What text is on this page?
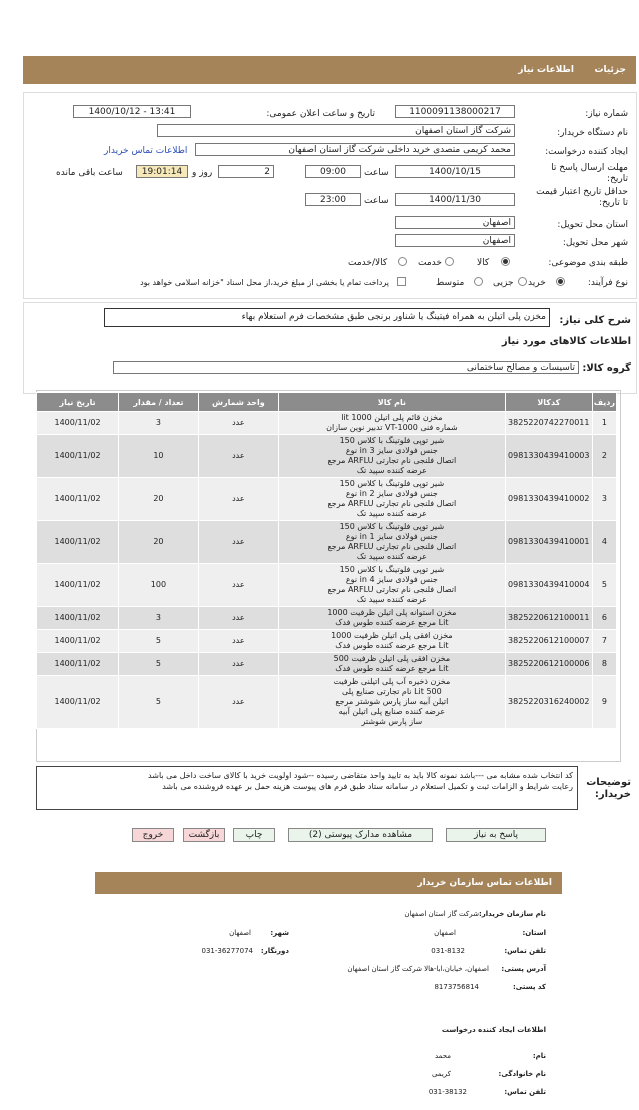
جزئیات
اطلاعات نیاز
شماره نیاز:
1100091138000217
تاریخ و ساعت اعلان عمومی:
1400/10/12 - 13:41
نام دستگاه خریدار:
شرکت گاز استان اصفهان
ایجاد کننده درخواست:
محمد کریمی متصدی خرید داخلی شرکت گاز استان اصفهان
اطلاعات تماس خریدار
مهلت ارسال پاسخ تا تاریخ:
1400/10/15
ساعت
09:00
2
روز و
19:01:14
ساعت باقی مانده
حداقل تاریخ اعتبار قیمت تا تاریخ:
1400/11/30
ساعت
23:00
استان محل تحویل:
اصفهان
شهر محل تحویل:
اصفهان
طبقه بندی موضوعی:
کالا
خدمت
کالا/خدمت
نوع فرآیند:
خرید
جزیی
متوسط
پرداخت تمام یا بخشی از مبلغ خرید،از محل اسناد "خزانه اسلامی خواهد بود
شرح کلی نیاز:
مخزن پلی اتیلن به همراه فیتینگ یا شناور برنجی طبق مشخصات فرم استعلام بهاء
اطلاعات کالاهای مورد نیاز
گروه کالا:
تاسیسات و مصالح ساختمانی
ردیف	کدکالا	نام کالا	واحد شمارش	تعداد / مقدار	تاریخ نیاز
1	3825220742270011	مخزن قائم پلی اتیلن 1000 lit
شماره فنی VT-1000 تدبیر نوین سازان	عدد	3	1400/11/02
2	0981330439410003	شیر توپی فلوتینگ با کلاس 150
جنس فولادی سایز 3 in نوع
اتصال فلنجی نام تجارتی ARFLU مرجع
عرضه کننده سپید تک	عدد	10	1400/11/02
3	0981330439410002	شیر توپی فلوتینگ با کلاس 150
جنس فولادی سایز 2 in نوع
اتصال فلنجی نام تجارتی ARFLU مرجع
عرضه کننده سپید تک	عدد	20	1400/11/02
4	0981330439410001	شیر توپی فلوتینگ با کلاس 150
جنس فولادی سایز 1 in نوع
اتصال فلنجی نام تجارتی ARFLU مرجع
عرضه کننده سپید تک	عدد	20	1400/11/02
5	0981330439410004	شیر توپی فلوتینگ با کلاس 150
جنس فولادی سایز 4 in نوع
اتصال فلنجی نام تجارتی ARFLU مرجع
عرضه کننده سپید تک	عدد	100	1400/11/02
6	3825220612100011	مخزن استوانه پلی اتیلن ظرفیت 1000
Lit مرجع عرضه کننده طوس فدک	عدد	3	1400/11/02
7	3825220612100007	مخزن افقی پلی اتیلن ظرفیت 1000
Lit مرجع عرضه کننده طوس فدک	عدد	5	1400/11/02
8	3825220612100006	مخزن افقی پلی اتیلن ظرفیت 500
Lit مرجع عرضه کننده طوس فدک	عدد	5	1400/11/02
9	3825220316240002	مخزن ذخیره آب پلی اتیلنی ظرفیت
500 Lit نام تجارتی صنایع پلی
اتیلن آبیه ساز پارس شوشتر مرجع
عرضه کننده صنایع پلی اتیلن آبیه
ساز پارس شوشتر	عدد	5	1400/11/02
توضیحات خریدار:
کد انتخاب شده مشابه می ---باشد نمونه کالا باید به تایید واحد متقاضی رسیده --شود اولویت خرید با کالای ساخت داخل می باشد
رعایت شرایط و الزامات ثبت و تکمیل استعلام در سامانه ستاد طبق فرم های پیوست هزینه حمل بر عهده فروشنده می باشد
پاسخ به نیاز
مشاهده مدارک پیوستی (2)
چاپ
بازگشت
خروج
اطلاعات تماس سازمان خریدار
نام سازمان خریدار:
شرکت گاز استان اصفهان
استان:
اصفهان
شهر:
اصفهان
تلفن تماس:
031-8132
دورنگار:
031-36277074
آدرس پستی:
اصفهان، خیابان،ابا-هالا شرکت گاز استان اصفهان
کد پستی:
8173756814
اطلاعات ایجاد کننده درخواست
نام:
محمد
نام خانوادگی:
کریمی
تلفن تماس:
031-38132
